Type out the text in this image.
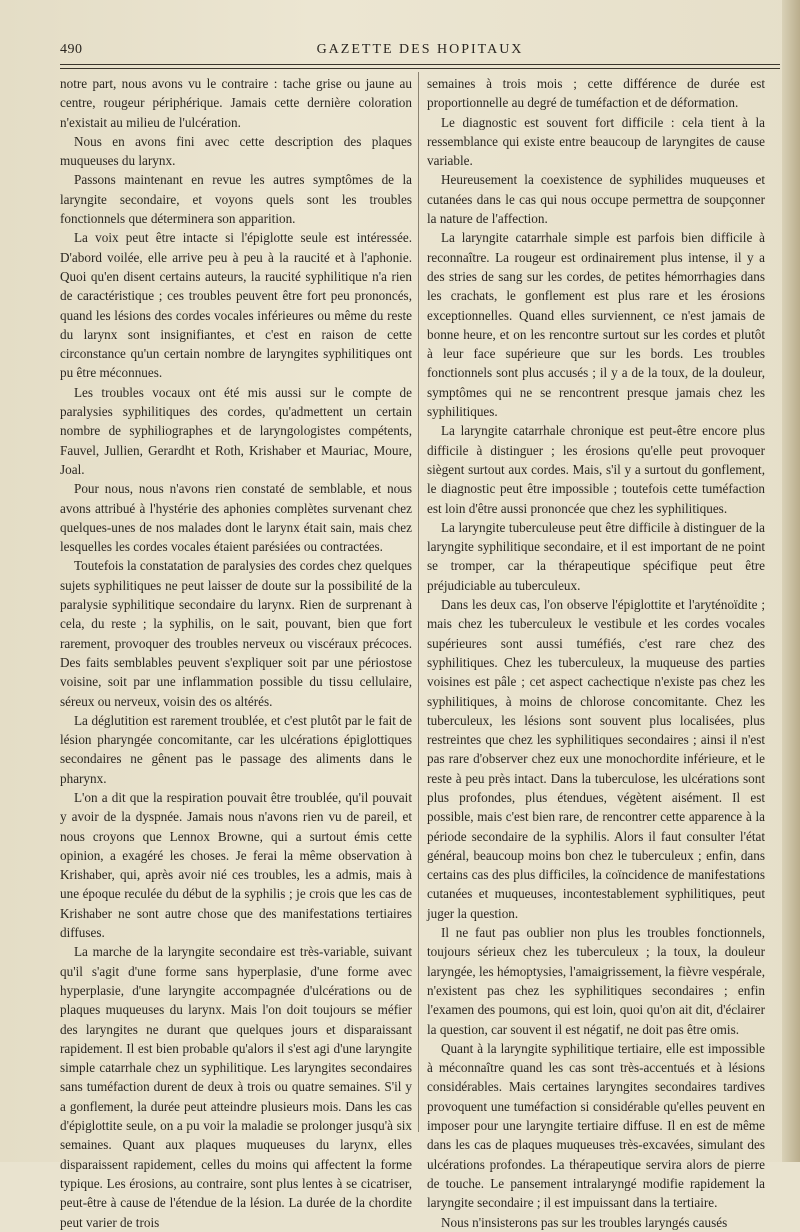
490	GAZETTE DES HOPITAUX

notre part, nous avons vu le contraire : tache grise ou jaune au centre, rougeur périphérique. Jamais cette dernière coloration n'existait au milieu de l'ulcération.

Nous en avons fini avec cette description des plaques muqueuses du larynx.

Passons maintenant en revue les autres symptômes de la laryngite secondaire, et voyons quels sont les troubles fonctionnels que déterminera son apparition.

La voix peut être intacte si l'épiglotte seule est intéressée. D'abord voilée, elle arrive peu à peu à la raucité et à l'aphonie. Quoi qu'en disent certains auteurs, la raucité syphilitique n'a rien de caractéristique ; ces troubles peuvent être fort peu prononcés, quand les lésions des cordes vocales inférieures ou même du reste du larynx sont insignifiantes, et c'est en raison de cette circonstance qu'un certain nombre de laryngites syphilitiques ont pu être méconnues.

Les troubles vocaux ont été mis aussi sur le compte de paralysies syphilitiques des cordes, qu'admettent un certain nombre de syphiliographes et de laryngologistes compétents, Fauvel, Jullien, Gerardht et Roth, Krishaber et Mauriac, Moure, Joal.

Pour nous, nous n'avons rien constaté de semblable, et nous avons attribué à l'hystérie des aphonies complètes survenant chez quelques-unes de nos malades dont le larynx était sain, mais chez lesquelles les cordes vocales étaient parésiées ou contractées.

Toutefois la constatation de paralysies des cordes chez quelques sujets syphilitiques ne peut laisser de doute sur la possibilité de la paralysie syphilitique secondaire du larynx. Rien de surprenant à cela, du reste ; la syphilis, on le sait, pouvant, bien que fort rarement, provoquer des troubles nerveux ou viscéraux précoces. Des faits semblables peuvent s'expliquer soit par une périostose voisine, soit par une inflammation possible du tissu cellulaire, séreux ou nerveux, voisin des os altérés.

La déglutition est rarement troublée, et c'est plutôt par le fait de lésion pharyngée concomitante, car les ulcérations épiglottiques secondaires ne gênent pas le passage des aliments dans le pharynx.

L'on a dit que la respiration pouvait être troublée, qu'il pouvait y avoir de la dyspnée. Jamais nous n'avons rien vu de pareil, et nous croyons que Lennox Browne, qui a surtout émis cette opinion, a exagéré les choses. Je ferai la même observation à Krishaber, qui, après avoir nié ces troubles, les a admis, mais à une époque reculée du début de la syphilis ; je crois que les cas de Krishaber ne sont autre chose que des manifestations tertiaires diffuses.

La marche de la laryngite secondaire est très-variable, suivant qu'il s'agit d'une forme sans hyperplasie, d'une forme avec hyperplasie, d'une laryngite accompagnée d'ulcérations ou de plaques muqueuses du larynx. Mais l'on doit toujours se méfier des laryngites ne durant que quelques jours et disparaissant rapidement. Il est bien probable qu'alors il s'est agi d'une laryngite simple catarrhale chez un syphilitique. Les laryngites secondaires sans tuméfaction durent de deux à trois ou quatre semaines. S'il y a gonflement, la durée peut atteindre plusieurs mois. Dans les cas d'épiglottite seule, on a pu voir la maladie se prolonger jusqu'à six semaines. Quant aux plaques muqueuses du larynx, elles disparaissent rapidement, celles du moins qui affectent la forme typique. Les érosions, au contraire, sont plus lentes à se cicatriser, peut-être à cause de l'étendue de la lésion. La durée de la chordite peut varier de trois

semaines à trois mois ; cette différence de durée est proportionnelle au degré de tuméfaction et de déformation.

Le diagnostic est souvent fort difficile : cela tient à la ressemblance qui existe entre beaucoup de laryngites de cause variable.

Heureusement la coexistence de syphilides muqueuses et cutanées dans le cas qui nous occupe permettra de soupçonner la nature de l'affection.

La laryngite catarrhale simple est parfois bien difficile à reconnaître. La rougeur est ordinairement plus intense, il y a des stries de sang sur les cordes, de petites hémorrhagies dans les crachats, le gonflement est plus rare et les érosions exceptionnelles. Quand elles surviennent, ce n'est jamais de bonne heure, et on les rencontre surtout sur les cordes et plutôt à leur face supérieure que sur les bords. Les troubles fonctionnels sont plus accusés ; il y a de la toux, de la douleur, symptômes qui ne se rencontrent presque jamais chez les syphilitiques.

La laryngite catarrhale chronique est peut-être encore plus difficile à distinguer ; les érosions qu'elle peut provoquer siègent surtout aux cordes. Mais, s'il y a surtout du gonflement, le diagnostic peut être impossible ; toutefois cette tuméfaction est loin d'être aussi prononcée que chez les syphilitiques.

La laryngite tuberculeuse peut être difficile à distinguer de la laryngite syphilitique secondaire, et il est important de ne point se tromper, car la thérapeutique spécifique peut être préjudiciable au tuberculeux.

Dans les deux cas, l'on observe l'épiglottite et l'aryténoïdite ; mais chez les tuberculeux le vestibule et les cordes vocales supérieures sont aussi tuméfiés, c'est rare chez des syphilitiques. Chez les tuberculeux, la muqueuse des parties voisines est pâle ; cet aspect cachectique n'existe pas chez les syphilitiques, à moins de chlorose concomitante. Chez les tuberculeux, les lésions sont souvent plus localisées, plus restreintes que chez les syphilitiques secondaires ; ainsi il n'est pas rare d'observer chez eux une monochordite inférieure, et le reste à peu près intact. Dans la tuberculose, les ulcérations sont plus profondes, plus étendues, végètent aisément. Il est possible, mais c'est bien rare, de rencontrer cette apparence à la période secondaire de la syphilis. Alors il faut consulter l'état général, beaucoup moins bon chez le tuberculeux ; enfin, dans certains cas des plus difficiles, la coïncidence de manifestations cutanées et muqueuses, incontestablement syphilitiques, peut juger la question.

Il ne faut pas oublier non plus les troubles fonctionnels, toujours sérieux chez les tuberculeux ; la toux, la douleur laryngée, les hémoptysies, l'amaigrissement, la fièvre vespérale, n'existent pas chez les syphilitiques secondaires ; enfin l'examen des poumons, qui est loin, quoi qu'on ait dit, d'éclairer la question, car souvent il est négatif, ne doit pas être omis.

Quant à la laryngite syphilitique tertiaire, elle est impossible à méconnaître quand les cas sont très-accentués et à lésions considérables. Mais certaines laryngites secondaires tardives provoquent une tuméfaction si considérable qu'elles peuvent en imposer pour une laryngite tertiaire diffuse. Il en est de même dans les cas de plaques muqueuses très-excavées, simulant des ulcérations profondes. La thérapeutique servira alors de pierre de touche. Le pansement intralaryngé modifie rapidement la laryngite secondaire ; il est impuissant dans la tertiaire.

Nous n'insisterons pas sur les troubles laryngés causés
